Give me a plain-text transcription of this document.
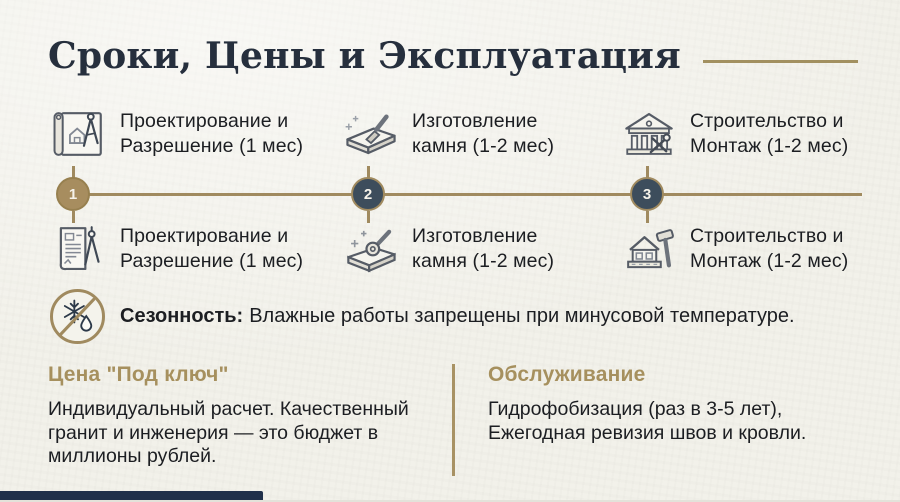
Сроки, Цены и Эксплуатация
1	2	3
Проектирование и
Разрешение (1 мес)
Изготовление
камня (1-2 мес)
Строительство и
Монтаж (1-2 мес)
Проектирование и
Разрешение (1 мес)
Изготовление
камня (1-2 мес)
Строительство и
Монтаж (1-2 мес)
Сезонность: Влажные работы запрещены при минусовой температуре.
Цена "Под ключ"
Индивидуальный расчет. Качественный
гранит и инженерия — это бюджет в
миллионы рублей.
Обслуживание
Гидрофобизация (раз в 3-5 лет),
Ежегодная ревизия швов и кровли.
